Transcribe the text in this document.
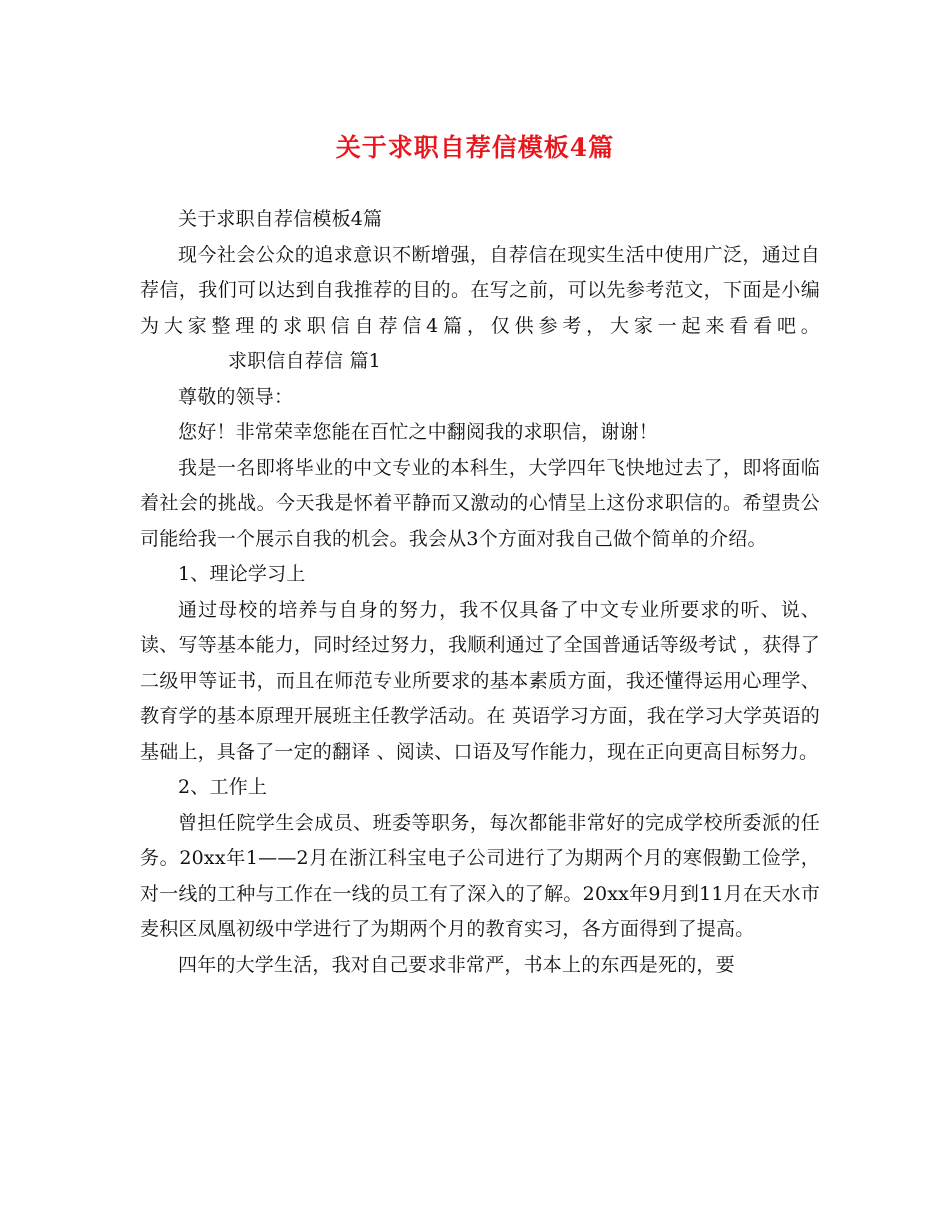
关于求职自荐信模板4篇

关于求职自荐信模板4篇

现今社会公众的追求意识不断增强，自荐信在现实生活中使用广泛，通过自荐信，我们可以达到自我推荐的目的。在写之前，可以先参考范文，下面是小编为大家整理的求职信自荐信4篇，仅供参考，大家一起来看看吧。求职信自荐信 篇1

尊敬的领导：

您好！非常荣幸您能在百忙之中翻阅我的求职信，谢谢！

我是一名即将毕业的中文专业的本科生，大学四年飞快地过去了，即将面临着社会的挑战。今天我是怀着平静而又激动的心情呈上这份求职信的。希望贵公司能给我一个展示自我的机会。我会从3个方面对我自己做个简单的介绍。

1、理论学习上

通过母校的培养与自身的努力，我不仅具备了中文专业所要求的听、说、读、写等基本能力，同时经过努力，我顺利通过了全国普通话等级考试 ，获得了二级甲等证书，而且在师范专业所要求的基本素质方面，我还懂得运用心理学、教育学的基本原理开展班主任教学活动。在 英语学习方面，我在学习大学英语的基础上，具备了一定的翻译 、阅读、口语及写作能力，现在正向更高目标努力。

2、工作上

曾担任院学生会成员、班委等职务，每次都能非常好的完成学校所委派的任务。20xx年1——2月在浙江科宝电子公司进行了为期两个月的寒假勤工俭学，对一线的工种与工作在一线的员工有了深入的了解。20xx年9月到11月在天水市麦积区凤凰初级中学进行了为期两个月的教育实习，各方面得到了提高。

四年的大学生活，我对自己要求非常严，书本上的东西是死的，要
